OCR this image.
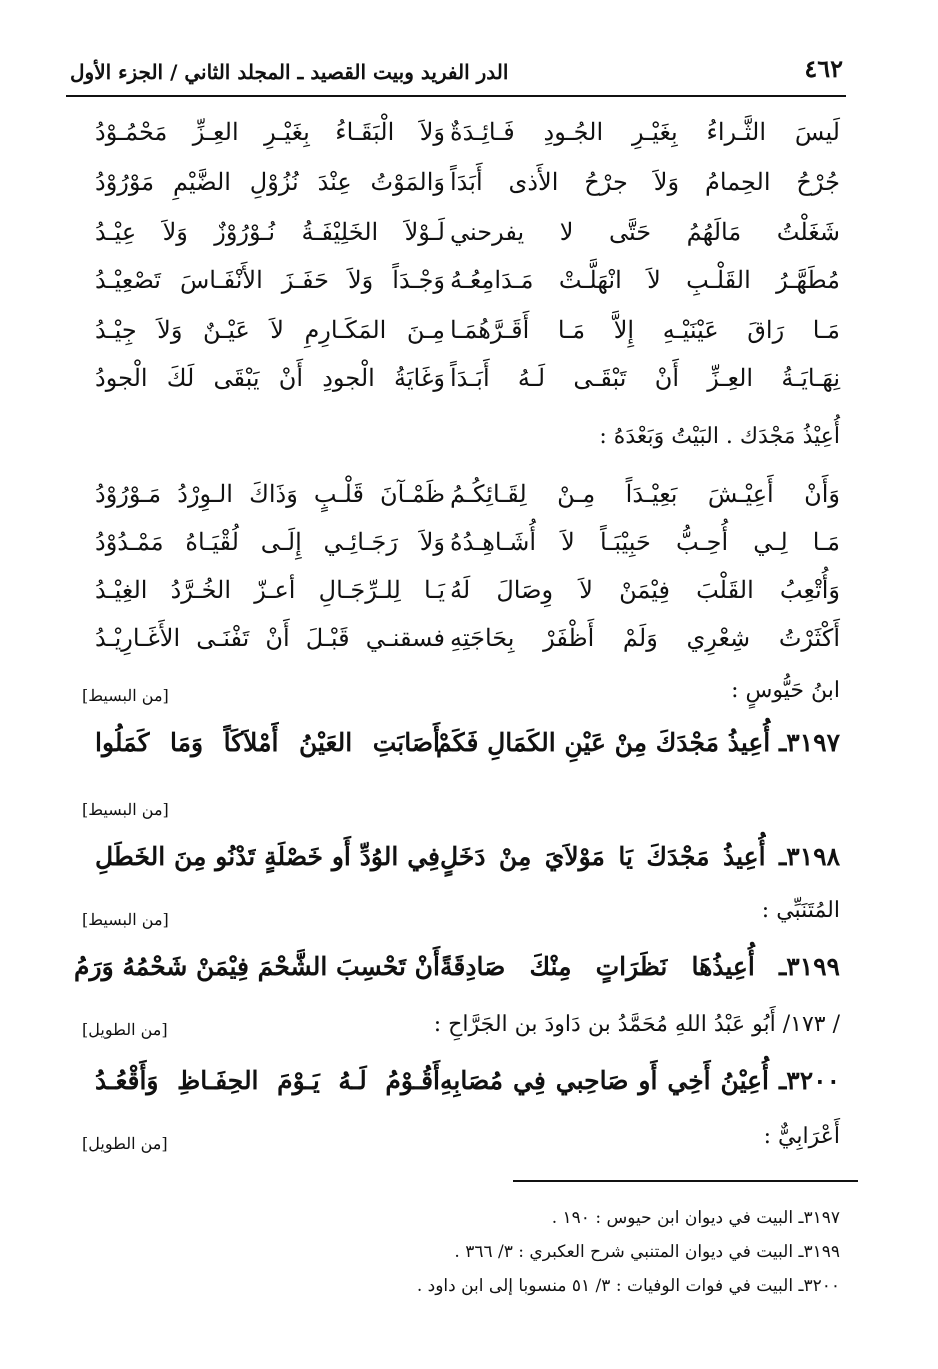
٤٦٢
الدر الفريد وبيت القصيد ـ المجلد الثاني / الجزء الأول
لَيسَ الثَّـراءُ بِغَيْـرِ الجُـودِ فَـائِـدَةٌ
وَلاَ الْبَقَـاءُ بِغَيْـرِ العِـزِّ مَحْمُـوْدُ
جُرْحُ الحِمامُ وَلاَ جرْحُ الأَذى أَبَدَاً
وَالمَوْتُ عِنْدَ نُزُوْلِ الضَّيْمِ مَوْرُوْدُ
شَغَلْتُ مَالَهُمُ حَتَّى لا يفرحني
لَـوْلاَ الخَلِيْفَـةُ نُـوْرُوْزٌ وَلاَ عِيْـدُ
مُطَهَّـرُ القَلْـبِ لاَ انْهَلَّـتْ مَـدَامِعُـهُ
وَجْـدَاً وَلاَ حَفَـزَ الأَنْفَـاسَ تَصْعِيْـدُ
مَـا رَاقَ عَيْنَيْـهِ إِلاَّ مَـا أَقَـرَّهُمَـا
مِـنَ المَكَـارِمِ لاَ عَيْـنٌ وَلاَ جِيْـدُ
نِهَـايَـةُ العِـزِّ أَنْ تَبْقَـى لَـهُ أَبَـدَاً
وَغَايَةُ الْجودِ أَنْ يَبْقَى لَكَ الْجودُ
أُعِيْذُ مَجْدَك . البَيْتُ وَبَعْدَهُ :
وَأَنْ أَعِيْـشَ بَعِيْـدَاً مِـنْ لِقَـائِكُـمُ
ظَمْـآنَ قَلْـبٍ وَذَاكَ الـوِرْدُ مَـوْرُوْدُ
مَـا لِـي أُحِـبُّ حَبِيْبَـاً لاَ أُشَـاهِـدُهُ
وَلاَ رَجَـائِـي إِلَـى لُقْيَـاهُ مَمْـدُوْدُ
وَأُتْعِبُ القَلْبَ فِيْمَنْ لاَ وِصَالَ لَهُ
يَـا لِلـرِّجَـالِ أعـزّ الخُـرَّدُ الغِيْـدُ
أَكْثَرْتُ شِعْرِي وَلَمْ أَظْفَرْ بِحَاجَتِهِ
فسقنـي قَبْـلَ أَنْ تَفْنَـى الأَغَـارِيْـدُ
ابنُ حَيُّوسٍ :
[من البسيط]
٣١٩٧ـ أُعِيذُ مَجْدَكَ مِنْ عَيْنِ الكَمَالِ فَكَمْ
أَصَابَتِ العَيْنُ أَمْلاَكَاً وَمَا كَمَلُوا
[من البسيط]
٣١٩٨ـ أُعِيذُ مَجْدَكَ يَا مَوْلاَيَ مِنْ دَخَلٍ
فِي الوُدِّ أَو خَصْلَةٍ تَدْنُو مِنَ الخَطَلِ
المُتَنَبِّي :
[من البسيط]
٣١٩٩ـ أُعِيذُهَا نَظَرَاتٍ مِنْكَ صَادِقَةً
أَنْ تَحْسِبَ الشَّحْمَ فِيْمَنْ شَحْمُهُ وَرَمُ
/ ١٧٣/ أَبُو عَبْدُ اللهِ مُحَمَّدُ بن دَاودَ بن الجَرَّاحِ :
[من الطويل]
٣٢٠٠ـ أُعِيْنُ أَخِي أَو صَاحِبي فِي مُصَابِهِ
أَقُـوْمُ لَـهُ يَـوْمَ الحِفَـاظِ وَأَقْعُـدُ
أَعْرَابِيٌّ :
[من الطويل]
٣١٩٧ـ البيت في ديوان ابن حيوس : ١٩٠ .
٣١٩٩ـ البيت في ديوان المتنبي شرح العكبري : ٣/ ٣٦٦ .
٣٢٠٠ـ البيت في فوات الوفيات : ٣/ ٥١ منسوبا إلى ابن داود .
